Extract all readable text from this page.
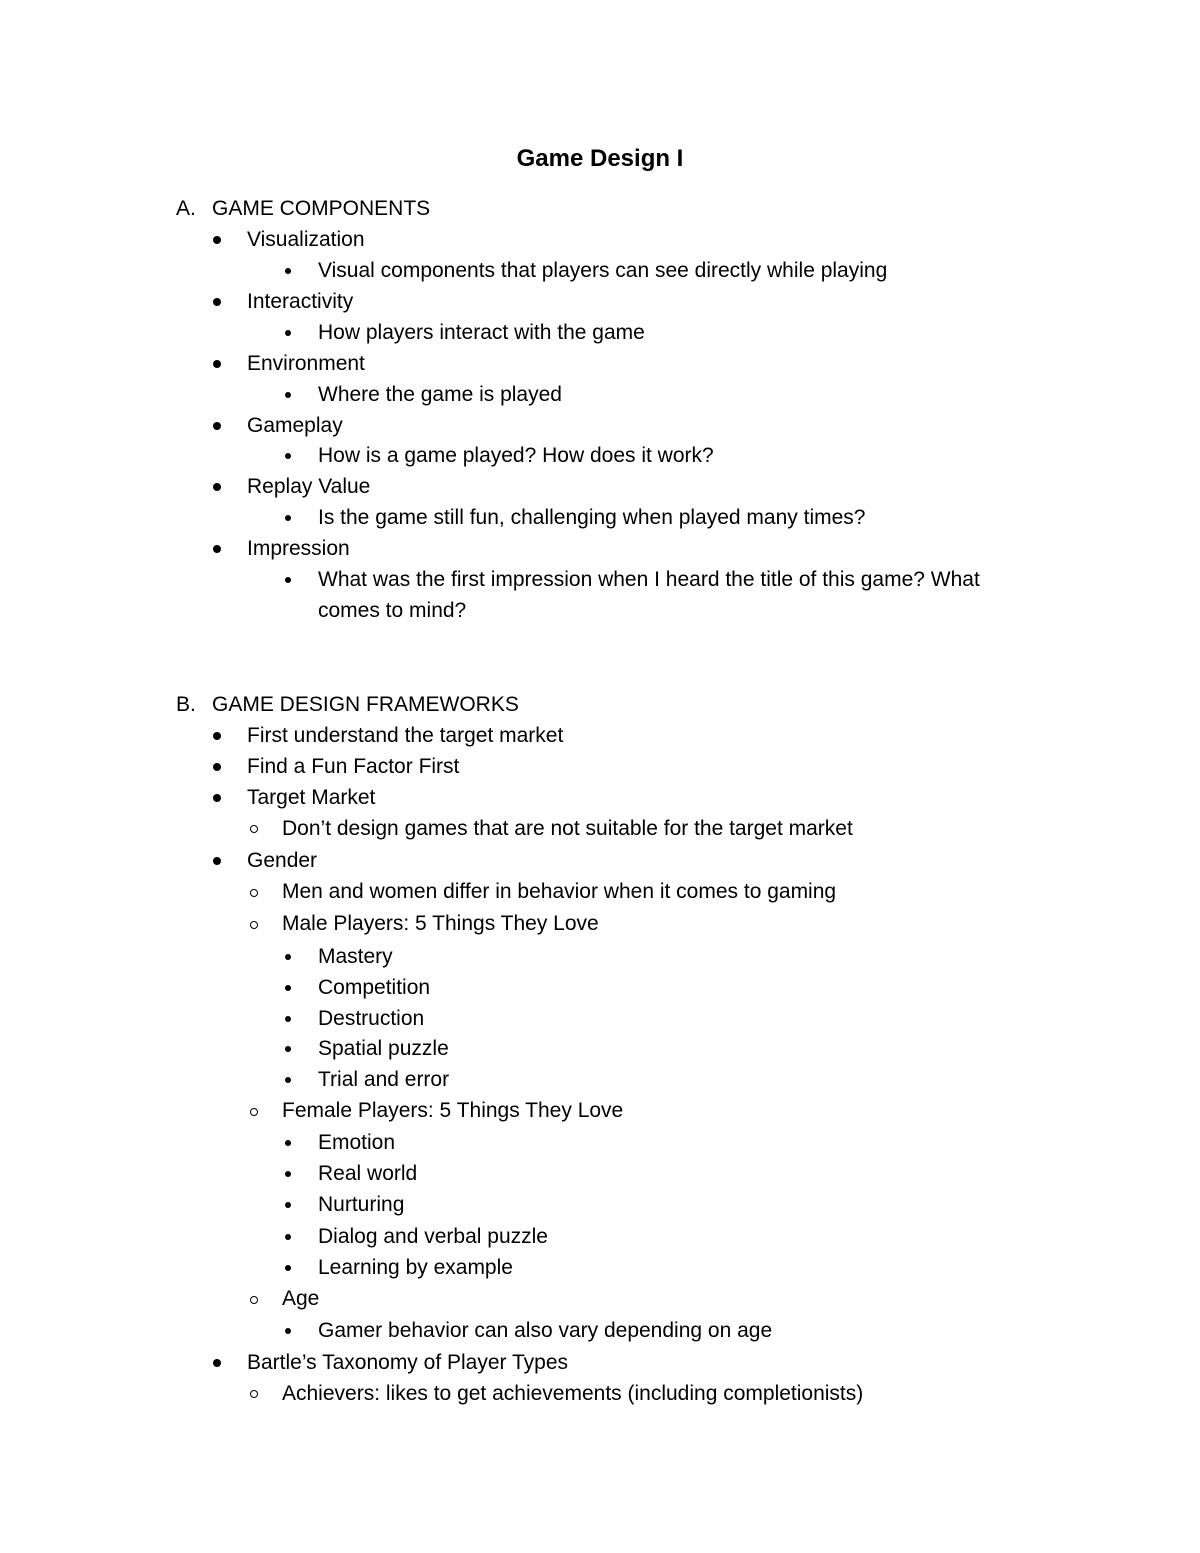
Game Design I
A. GAME COMPONENTS
Visualization
Visual components that players can see directly while playing
Interactivity
How players interact with the game
Environment
Where the game is played
Gameplay
How is a game played? How does it work?
Replay Value
Is the game still fun, challenging when played many times?
Impression
What was the first impression when I heard the title of this game? What
comes to mind?
B. GAME DESIGN FRAMEWORKS
First understand the target market
Find a Fun Factor First
Target Market
Don’t design games that are not suitable for the target market
Gender
Men and women differ in behavior when it comes to gaming
Male Players: 5 Things They Love
Mastery
Competition
Destruction
Spatial puzzle
Trial and error
Female Players: 5 Things They Love
Emotion
Real world
Nurturing
Dialog and verbal puzzle
Learning by example
Age
Gamer behavior can also vary depending on age
Bartle’s Taxonomy of Player Types
Achievers: likes to get achievements (including completionists)
